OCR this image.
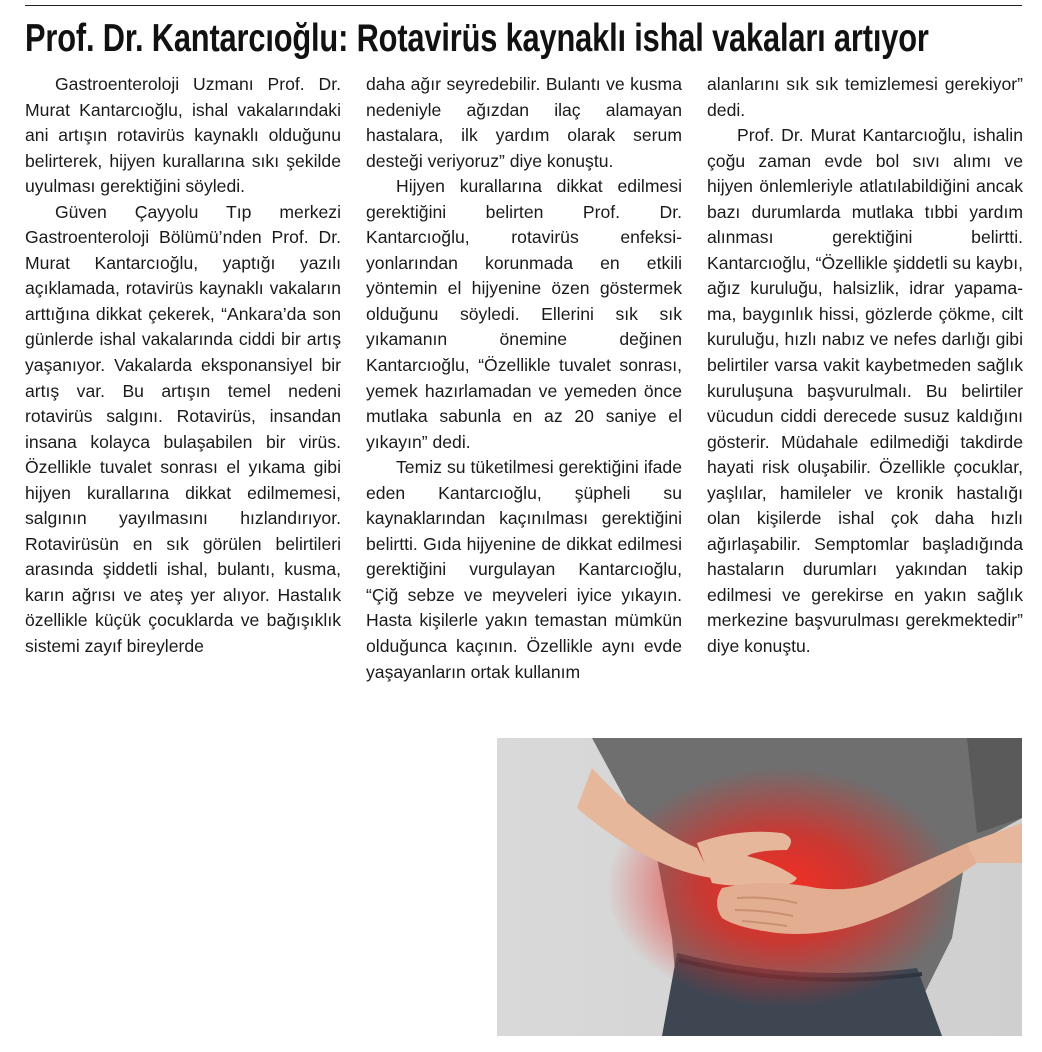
Prof. Dr. Kantarcıoğlu: Rotavirüs kaynaklı ishal vakaları artıyor

Gastroenteroloji Uzmanı Prof. Dr. Murat Kantarcıoğlu, ishal vakalarındaki ani artışın rotavirüs kaynaklı olduğunu belirterek, hijyen kurallarına sıkı şekilde uyulması gerektiğini söyledi.

Güven Çayyolu Tıp merkezi Gastroenteroloji Bölümü’nden Prof. Dr. Murat Kantarcıoğlu, yaptığı yazılı açıklamada, rotavirüs kaynaklı vakaların arttığına dikkat çekerek, “Ankara’da son günlerde ishal vakalarında ciddi bir artış yaşanıyor. Vakalarda eksponansiyel bir artış var. Bu artışın temel nedeni rotavirüs salgını. Rotavirüs, insandan insana kolayca bulaşabilen bir virüs. Özellikle tuvalet sonrası el yıkama gibi hijyen kurallarına dikkat edilmemesi, salgının yayılmasını hızlandırıyor. Rotavirüsün en sık görülen belirtileri arasında şiddetli ishal, bulantı, kusma, karın ağrısı ve ateş yer alıyor. Hastalık özellikle küçük çocuklarda ve bağışıklık sistemi zayıf bireylerde

daha ağır seyredebilir. Bulantı ve kusma nedeniyle ağızdan ilaç alamayan hastalara, ilk yardım olarak serum desteği veriyoruz” diye konuştu.

Hijyen kurallarına dikkat edilmesi gerektiğini belirten Prof. Dr. Kantarcıoğlu, rotavirüs enfeksiyonlarından korunmada en etkili yöntemin el hijyenine özen göstermek olduğunu söyledi. Ellerini sık sık yıkamanın önemine değinen Kantarcıoğlu, “Özellikle tuvalet sonrası, yemek hazırlamadan ve yemeden önce mutlaka sabunla en az 20 saniye el yıkayın” dedi.

Temiz su tüketilmesi gerektiğini ifade eden Kantarcıoğlu, şüpheli su kaynaklarından kaçınılması gerektiğini belirtti. Gıda hijyenine de dikkat edilmesi gerektiğini vurgulayan Kantarcıoğlu, “Çiğ sebze ve meyveleri iyice yıkayın. Hasta kişilerle yakın temastan mümkün olduğunca kaçının. Özellikle aynı evde yaşayanların ortak kullanım

alanlarını sık sık temizlemesi gerekiyor” dedi.

Prof. Dr. Murat Kantarcıoğlu, ishalin çoğu zaman evde bol sıvı alımı ve hijyen önlemleriyle atlatılabildiğini ancak bazı durumlarda mutlaka tıbbi yardım alınması gerektiğini belirtti. Kantarcıoğlu, “Özellikle şiddetli su kaybı, ağız kuruluğu, halsizlik, idrar yapamama, baygınlık hissi, gözlerde çökme, cilt kuruluğu, hızlı nabız ve nefes darlığı gibi belirtiler varsa vakit kaybetmeden sağlık kuruluşuna başvurulmalı. Bu belirtiler vücudun ciddi derecede susuz kaldığını gösterir. Müdahale edilmediği takdirde hayati risk oluşabilir. Özellikle çocuklar, yaşlılar, hamileler ve kronik hastalığı olan kişilerde ishal çok daha hızlı ağırlaşabilir. Semptomlar başladığında hastaların durumları yakından takip edilmesi ve gerekirse en yakın sağlık merkezine başvurulması gerekmektedir” diye konuştu.
